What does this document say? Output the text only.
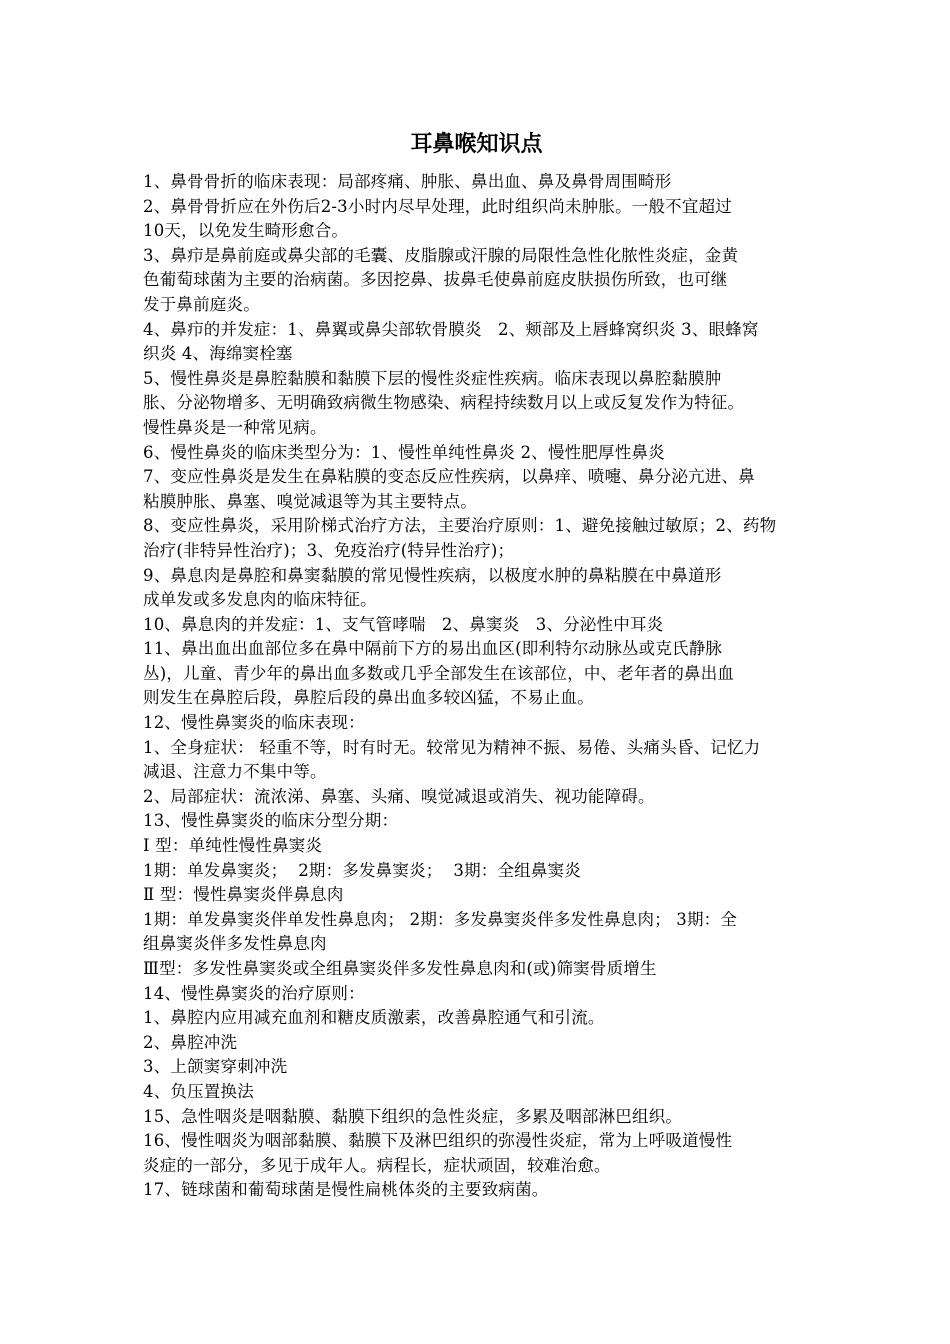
耳鼻喉知识点

1、鼻骨骨折的临床表现：局部疼痛、肿胀、鼻出血、鼻及鼻骨周围畸形

2、鼻骨骨折应在外伤后2-3小时内尽早处理，此时组织尚未肿胀。一般不宜超过

10天，以免发生畸形愈合。

3、鼻疖是鼻前庭或鼻尖部的毛囊、皮脂腺或汗腺的局限性急性化脓性炎症，金黄

色葡萄球菌为主要的治病菌。多因挖鼻、拔鼻毛使鼻前庭皮肤损伤所致，也可继

发于鼻前庭炎。

4、鼻疖的并发症：1、鼻翼或鼻尖部软骨膜炎   2、颊部及上唇蜂窝织炎 3、眼蜂窝

织炎 4、海绵窦栓塞

5、慢性鼻炎是鼻腔黏膜和黏膜下层的慢性炎症性疾病。临床表现以鼻腔黏膜肿

胀、分泌物增多、无明确致病微生物感染、病程持续数月以上或反复发作为特征。

慢性鼻炎是一种常见病。

6、慢性鼻炎的临床类型分为：1、慢性单纯性鼻炎 2、慢性肥厚性鼻炎

7、变应性鼻炎是发生在鼻粘膜的变态反应性疾病，以鼻痒、喷嚏、鼻分泌亢进、鼻

粘膜肿胀、鼻塞、嗅觉减退等为其主要特点。

8、变应性鼻炎，采用阶梯式治疗方法，主要治疗原则：1、避免接触过敏原；2、药物

治疗(非特异性治疗)；3、免疫治疗(特异性治疗)；

9、鼻息肉是鼻腔和鼻窦黏膜的常见慢性疾病，以极度水肿的鼻粘膜在中鼻道形

成单发或多发息肉的临床特征。

10、鼻息肉的并发症：1、支气管哮喘   2、鼻窦炎   3、分泌性中耳炎

11、鼻出血出血部位多在鼻中隔前下方的易出血区(即利特尔动脉丛或克氏静脉

丛)，儿童、青少年的鼻出血多数或几乎全部发生在该部位，中、老年者的鼻出血

则发生在鼻腔后段，鼻腔后段的鼻出血多较凶猛，不易止血。

12、慢性鼻窦炎的临床表现：

1、全身症状： 轻重不等，时有时无。较常见为精神不振、易倦、头痛头昏、记忆力

减退、注意力不集中等。

2、局部症状：流浓涕、鼻塞、头痛、嗅觉减退或消失、视功能障碍。

13、慢性鼻窦炎的临床分型分期：

Ⅰ 型：单纯性慢性鼻窦炎

1期：单发鼻窦炎；  2期：多发鼻窦炎；  3期：全组鼻窦炎

Ⅱ 型：慢性鼻窦炎伴鼻息肉

1期：单发鼻窦炎伴单发性鼻息肉； 2期：多发鼻窦炎伴多发性鼻息肉； 3期：全

组鼻窦炎伴多发性鼻息肉

Ⅲ型：多发性鼻窦炎或全组鼻窦炎伴多发性鼻息肉和(或)筛窦骨质增生

14、慢性鼻窦炎的治疗原则：

1、鼻腔内应用减充血剂和糖皮质激素，改善鼻腔通气和引流。

2、鼻腔冲洗

3、上颌窦穿刺冲洗

4、负压置换法

15、急性咽炎是咽黏膜、黏膜下组织的急性炎症，多累及咽部淋巴组织。

16、慢性咽炎为咽部黏膜、黏膜下及淋巴组织的弥漫性炎症，常为上呼吸道慢性

炎症的一部分，多见于成年人。病程长，症状顽固，较难治愈。

17、链球菌和葡萄球菌是慢性扁桃体炎的主要致病菌。
